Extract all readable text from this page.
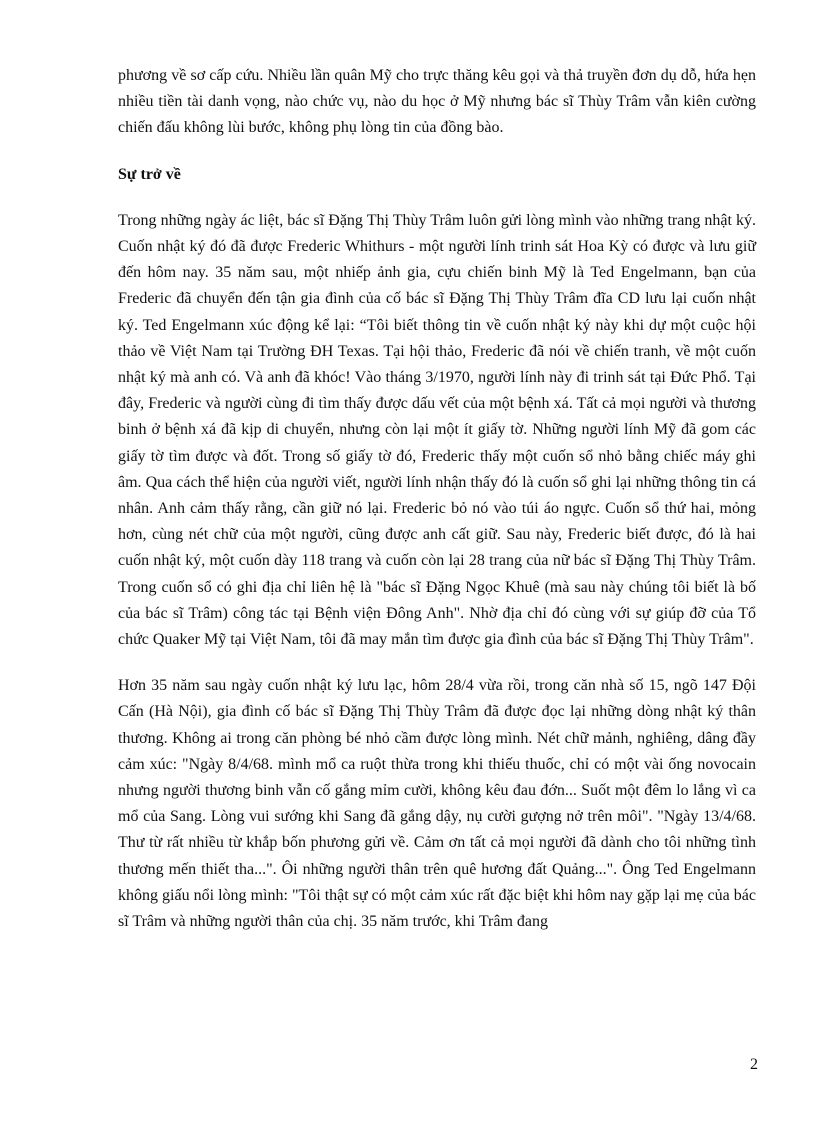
phương về sơ cấp cứu. Nhiều lần quân Mỹ cho trực thăng kêu gọi và thả truyền đơn dụ dỗ, hứa hẹn nhiều tiền tài danh vọng, nào chức vụ, nào du học ở Mỹ nhưng bác sĩ Thùy Trâm vẫn kiên cường chiến đấu không lùi bước, không phụ lòng tin của đồng bào.

Sự trở về

Trong những ngày ác liệt, bác sĩ Đặng Thị Thùy Trâm luôn gửi lòng mình vào những trang nhật ký. Cuốn nhật ký đó đã được Frederic Whithurs - một người lính trinh sát Hoa Kỳ có được và lưu giữ đến hôm nay. 35 năm sau, một nhiếp ảnh gia, cựu chiến binh Mỹ là Ted Engelmann, bạn của Frederic đã chuyển đến tận gia đình của cố bác sĩ Đặng Thị Thùy Trâm đĩa CD lưu lại cuốn nhật ký. Ted Engelmann xúc động kể lại: “Tôi biết thông tin về cuốn nhật ký này khi dự một cuộc hội thảo về Việt Nam tại Trường ĐH Texas. Tại hội thảo, Frederic đã nói về chiến tranh, về một cuốn nhật ký mà anh có. Và anh đã khóc! Vào tháng 3/1970, người lính này đi trinh sát tại Đức Phổ. Tại đây, Frederic và người cùng đi tìm thấy được dấu vết của một bệnh xá. Tất cả mọi người và thương binh ở bệnh xá đã kịp di chuyển, nhưng còn lại một ít giấy tờ. Những người lính Mỹ đã gom các giấy tờ tìm được và đốt. Trong số giấy tờ đó, Frederic thấy một cuốn sổ nhỏ bằng chiếc máy ghi âm. Qua cách thể hiện của người viết, người lính nhận thấy đó là cuốn sổ ghi lại những thông tin cá nhân. Anh cảm thấy rằng, cần giữ nó lại. Frederic bỏ nó vào túi áo ngực. Cuốn sổ thứ hai, mỏng hơn, cùng nét chữ của một người, cũng được anh cất giữ. Sau này, Frederic biết được, đó là hai cuốn nhật ký, một cuốn dày 118 trang và cuốn còn lại 28 trang của nữ bác sĩ Đặng Thị Thùy Trâm. Trong cuốn sổ có ghi địa chỉ liên hệ là "bác sĩ Đặng Ngọc Khuê (mà sau này chúng tôi biết là bố của bác sĩ Trâm) công tác tại Bệnh viện Đông Anh". Nhờ địa chỉ đó cùng với sự giúp đỡ của Tổ chức Quaker Mỹ tại Việt Nam, tôi đã may mắn tìm được gia đình của bác sĩ Đặng Thị Thùy Trâm".

Hơn 35 năm sau ngày cuốn nhật ký lưu lạc, hôm 28/4 vừa rồi, trong căn nhà số 15, ngõ 147 Đội Cấn (Hà Nội), gia đình cố bác sĩ Đặng Thị Thùy Trâm đã được đọc lại những dòng nhật ký thân thương. Không ai trong căn phòng bé nhỏ cầm được lòng mình. Nét chữ mảnh, nghiêng, dâng đầy cảm xúc: "Ngày 8/4/68. mình mổ ca ruột thừa trong khi thiếu thuốc, chỉ có một vài ống novocain nhưng người thương binh vẫn cố gắng mỉm cười, không kêu đau đớn... Suốt một đêm lo lắng vì ca mổ của Sang. Lòng vui sướng khi Sang đã gắng dậy, nụ cười gượng nở trên môi". "Ngày 13/4/68. Thư từ rất nhiều từ khắp bốn phương gửi về. Cảm ơn tất cả mọi người đã dành cho tôi những tình thương mến thiết tha...". Ôi những người thân trên quê hương đất Quảng...". Ông Ted Engelmann không giấu nổi lòng mình: "Tôi thật sự có một cảm xúc rất đặc biệt khi hôm nay gặp lại mẹ của bác sĩ Trâm và những người thân của chị. 35 năm trước, khi Trâm đang

2
